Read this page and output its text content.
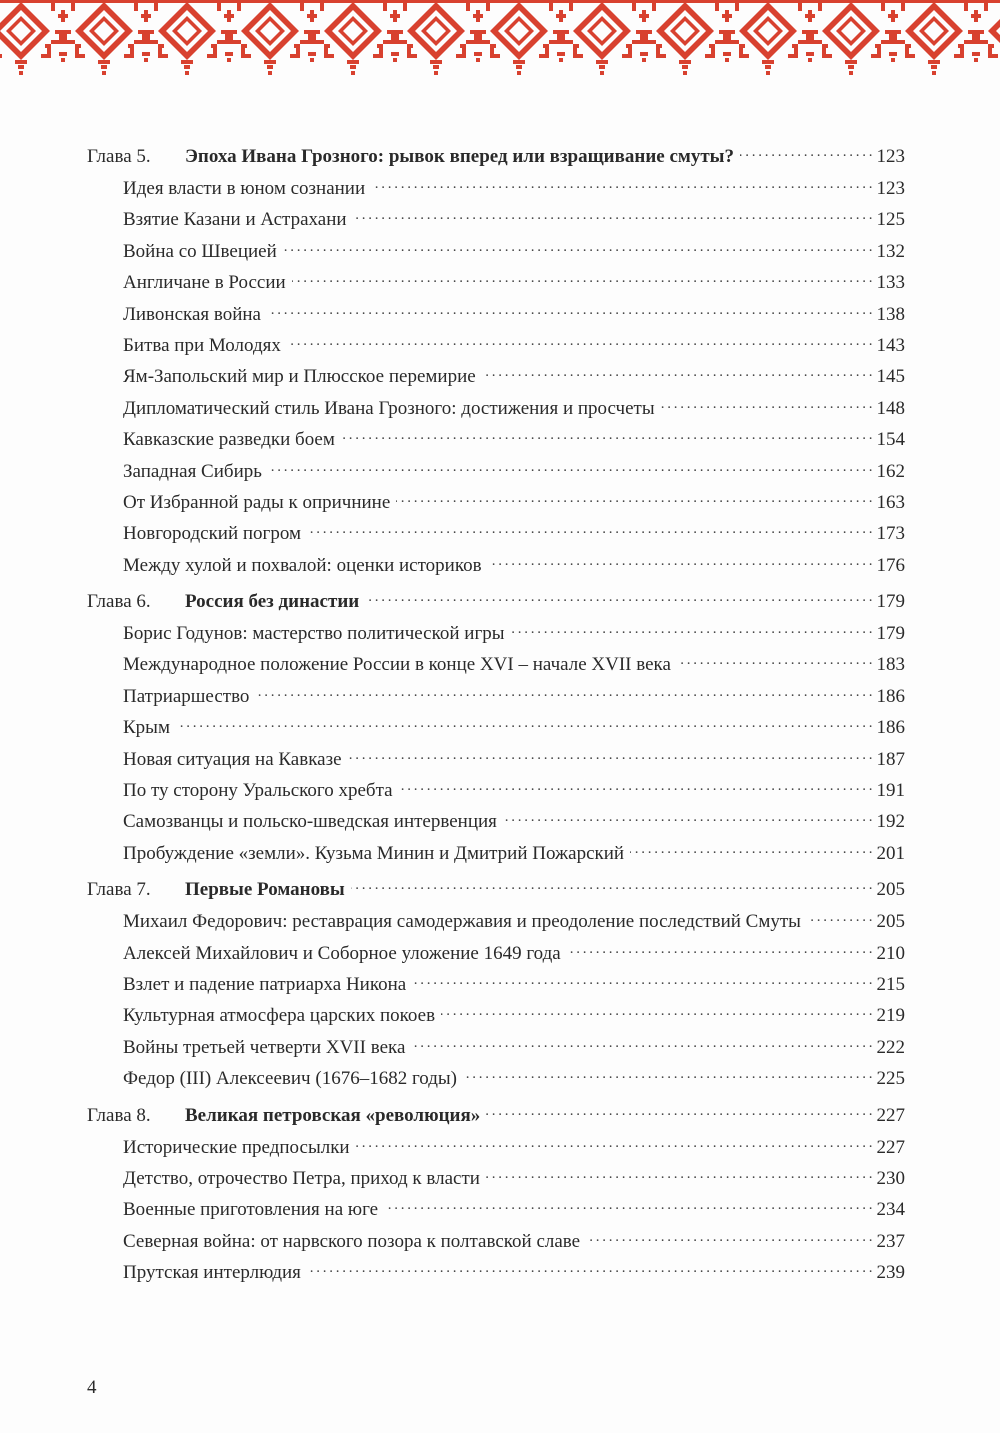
Глава 5.	Эпоха Ивана Грозного: рывок вперед или взращивание смуты? . . .	123
Идея власти в юном сознании . . .	123
Взятие Казани и Астрахани . . .	125
Война со Швецией . . .	132
Англичане в России . . .	133
Ливонская война . . .	138
Битва при Молодях . . .	143
Ям-Запольский мир и Плюсское перемирие . . .	145
Дипломатический стиль Ивана Грозного: достижения и просчеты . . .	148
Кавказские разведки боем . . .	154
Западная Сибирь . . .	162
От Избранной рады к опричнине . . .	163
Новгородский погром . . .	173
Между хулой и похвалой: оценки историков . . .	176
Глава 6.	Россия без династии . . .	179
Борис Годунов: мастерство политической игры . . .	179
Международное положение России в конце XVI – начале XVII века . . .	183
Патриаршество . . .	186
Крым . . .	186
Новая ситуация на Кавказе . . .	187
По ту сторону Уральского хребта . . .	191
Самозванцы и польско-шведская интервенция . . .	192
Пробуждение «земли». Кузьма Минин и Дмитрий Пожарский . . .	201
Глава 7.	Первые Романовы . . .	205
Михаил Федорович: реставрация самодержавия и преодоление последствий Смуты . . .	205
Алексей Михайлович и Соборное уложение 1649 года . . .	210
Взлет и падение патриарха Никона . . .	215
Культурная атмосфера царских покоев . . .	219
Войны третьей четверти XVII века . . .	222
Федор (III) Алексеевич (1676–1682 годы) . . .	225
Глава 8.	Великая петровская «революция» . . .	227
Исторические предпосылки . . .	227
Детство, отрочество Петра, приход к власти . . .	230
Военные приготовления на юге . . .	234
Северная война: от нарвского позора к полтавской славе . . .	237
Прутская интерлюдия . . .	239
4
